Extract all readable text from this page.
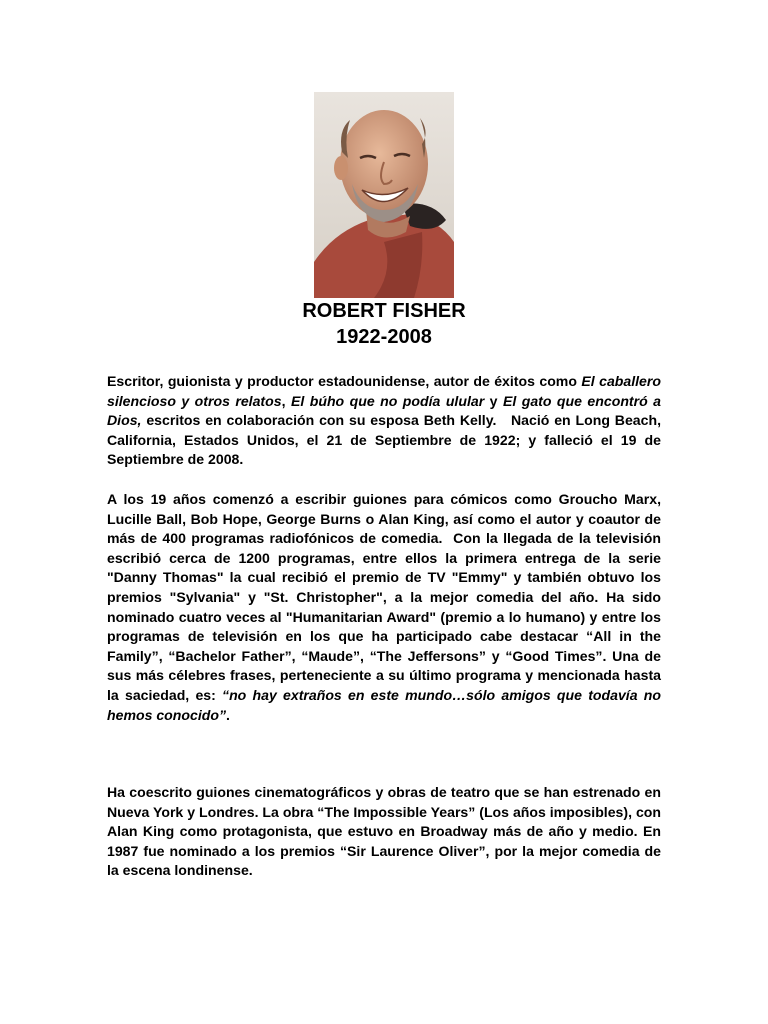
ROBERT FISHER
1922-2008

Escritor, guionista y productor estadounidense, autor de éxitos como El caballero silencioso y otros relatos, El búho que no podía ulular y El gato que encontró a Dios, escritos en colaboración con su esposa Beth Kelly.   Nació en Long Beach, California, Estados Unidos, el 21 de Septiembre de 1922; y falleció el 19 de Septiembre de 2008.

A los 19 años comenzó a escribir guiones para cómicos como Groucho Marx, Lucille Ball, Bob Hope, George Burns o Alan King, así como el autor y coautor de más de 400 programas radiofónicos de comedia.  Con la llegada de la televisión escribió cerca de 1200 programas, entre ellos la primera entrega de la serie "Danny Thomas" la cual recibió el premio de TV "Emmy" y también obtuvo los premios "Sylvania" y "St. Christopher", a la mejor comedia del año. Ha sido nominado cuatro veces al "Humanitarian Award" (premio a lo humano) y entre los programas de televisión en los que ha participado cabe destacar “All in the Family”, “Bachelor Father”, “Maude”, “The Jeffersons” y “Good Times”. Una de sus más célebres frases, perteneciente a su último programa y mencionada hasta la saciedad, es: “no hay extraños en este mundo…sólo amigos que todavía no hemos conocido”.

Ha coescrito guiones cinematográficos y obras de teatro que se han estrenado en Nueva York y Londres. La obra “The Impossible Years” (Los años imposibles), con Alan King como protagonista, que estuvo en Broadway más de año y medio. En 1987 fue nominado a los premios “Sir Laurence Oliver”, por la mejor comedia de la escena londinense.
